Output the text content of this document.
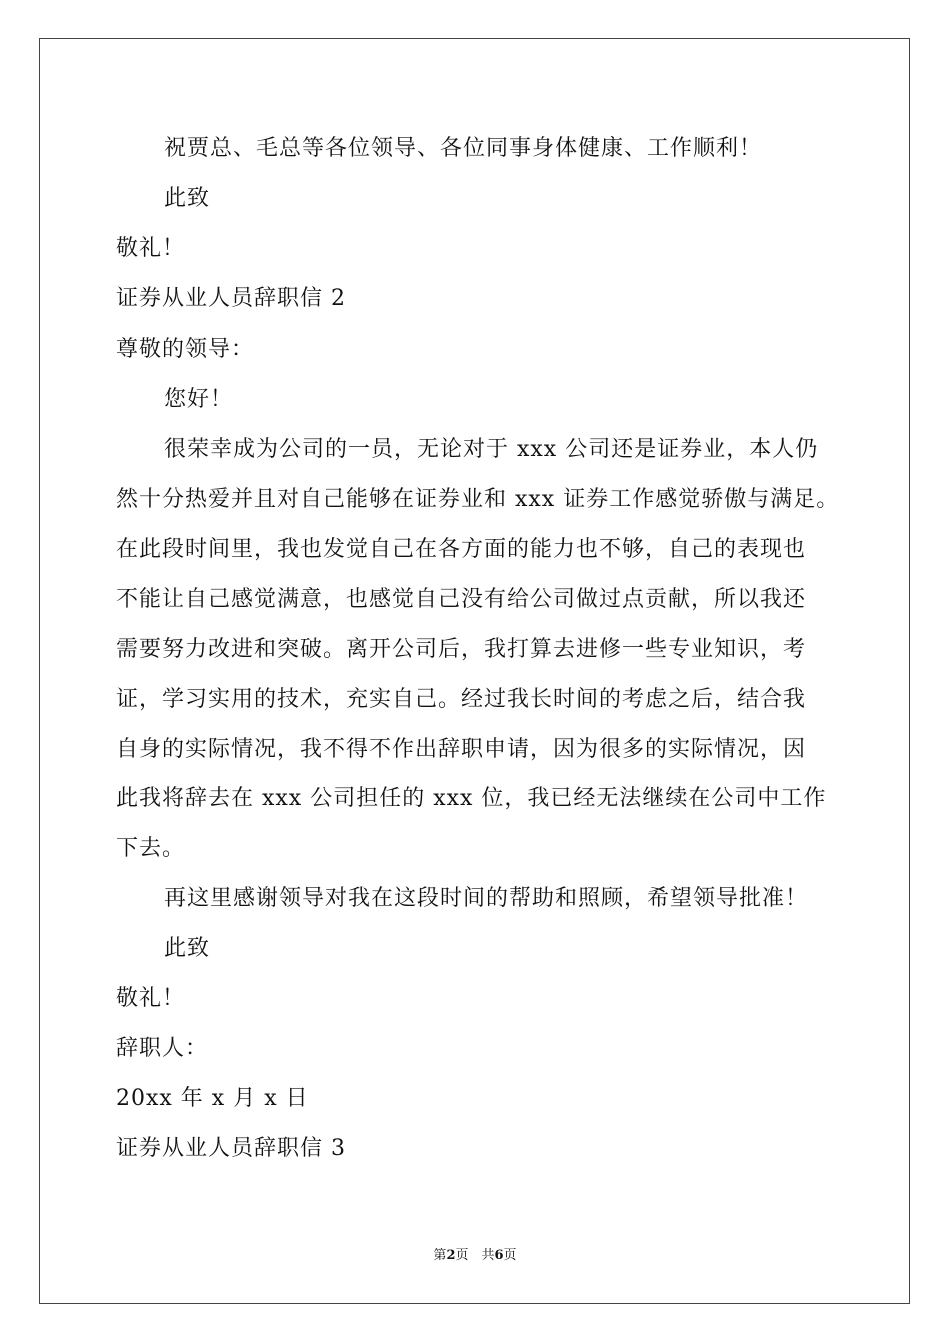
祝贾总、毛总等各位领导、各位同事身体健康、工作顺利！
此致
敬礼！
证券从业人员辞职信 2
尊敬的领导：
您好！
很荣幸成为公司的一员，无论对于 xxx 公司还是证券业，本人仍
然十分热爱并且对自己能够在证券业和 xxx 证券工作感觉骄傲与满足。
在此段时间里，我也发觉自己在各方面的能力也不够，自己的表现也
不能让自己感觉满意，也感觉自己没有给公司做过点贡献，所以我还
需要努力改进和突破。离开公司后，我打算去进修一些专业知识，考
证，学习实用的技术，充实自己。经过我长时间的考虑之后，结合我
自身的实际情况，我不得不作出辞职申请，因为很多的实际情况，因
此我将辞去在 xxx 公司担任的 xxx 位，我已经无法继续在公司中工作
下去。
再这里感谢领导对我在这段时间的帮助和照顾，希望领导批准！
此致
敬礼！
辞职人：
20xx 年 x 月 x 日
证券从业人员辞职信 3
第2页　共6页
